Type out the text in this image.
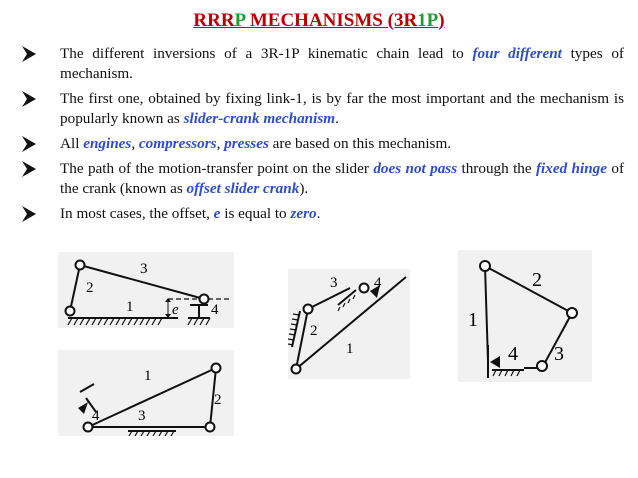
RRRP MECHANISMS (3R1P)
The different inversions of a 3R-1P kinematic chain lead to four different types of mechanism.
The first one, obtained by fixing link-1, is by far the most important and the mechanism is popularly known as slider-crank mechanism.
All engines, compressors, presses are based on this mechanism.
The path of the motion-transfer point on the slider does not pass through the fixed hinge of the crank (known as offset slider crank).
In most cases, the offset, e is equal to zero.
3
2
1	e 4
3 4
2
1
2
1
4 3
1
2
4	3
